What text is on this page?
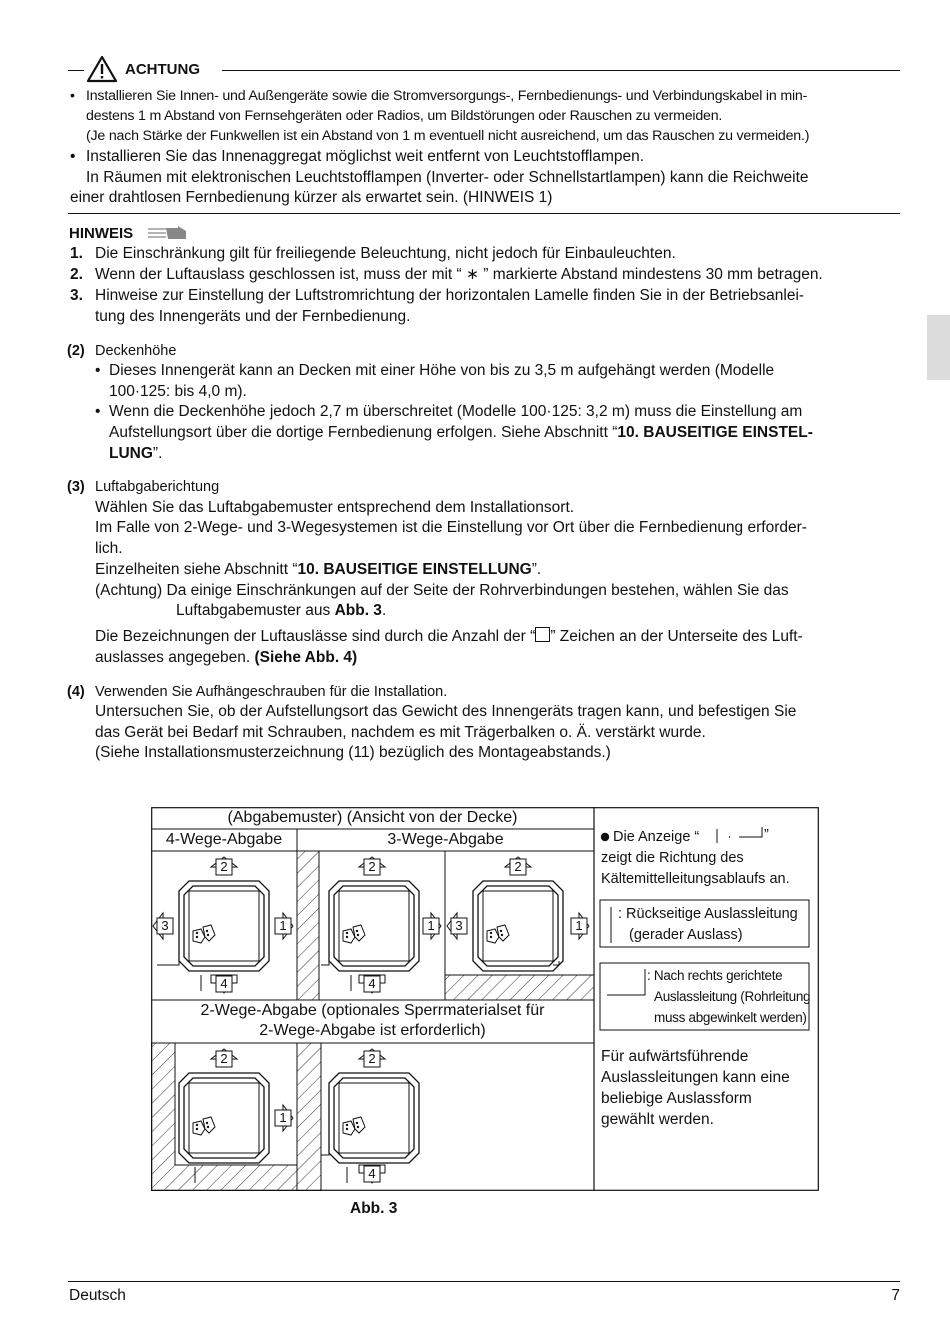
ACHTUNG
• Installieren Sie Innen- und Außengeräte sowie die Stromversorgungs-, Fernbedienungs- und Verbindungskabel in min-
destens 1 m Abstand von Fernsehgeräten oder Radios, um Bildstörungen oder Rauschen zu vermeiden.
(Je nach Stärke der Funkwellen ist ein Abstand von 1 m eventuell nicht ausreichend, um das Rauschen zu vermeiden.)
• Installieren Sie das Innenaggregat möglichst weit entfernt von Leuchtstofflampen.
In Räumen mit elektronischen Leuchtstofflampen (Inverter- oder Schnellstartlampen) kann die Reichweite
einer drahtlosen Fernbedienung kürzer als erwartet sein. (HINWEIS 1)
HINWEIS
1. Die Einschränkung gilt für freiliegende Beleuchtung, nicht jedoch für Einbauleuchten.
2. Wenn der Luftauslass geschlossen ist, muss der mit “ ∗ ” markierte Abstand mindestens 30 mm betragen.
3. Hinweise zur Einstellung der Luftstromrichtung der horizontalen Lamelle finden Sie in der Betriebsanlei-
tung des Innengeräts und der Fernbedienung.
(2) Deckenhöhe
• Dieses Innengerät kann an Decken mit einer Höhe von bis zu 3,5 m aufgehängt werden (Modelle
100·125: bis 4,0 m).
• Wenn die Deckenhöhe jedoch 2,7 m überschreitet (Modelle 100·125: 3,2 m) muss die Einstellung am
Aufstellungsort über die dortige Fernbedienung erfolgen. Siehe Abschnitt “10. BAUSEITIGE EINSTEL-
LUNG”.
(3) Luftabgaberichtung
Wählen Sie das Luftabgabemuster entsprechend dem Installationsort.
Im Falle von 2-Wege- und 3-Wegesystemen ist die Einstellung vor Ort über die Fernbedienung erforder-
lich.
Einzelheiten siehe Abschnitt “10. BAUSEITIGE EINSTELLUNG”.
(Achtung) Da einige Einschränkungen auf der Seite der Rohrverbindungen bestehen, wählen Sie das
Luftabgabemuster aus Abb. 3.
Die Bezeichnungen der Luftauslässe sind durch die Anzahl der “ ” Zeichen an der Unterseite des Luft-
auslasses angegeben. (Siehe Abb. 4)
(4) Verwenden Sie Aufhängeschrauben für die Installation.
Untersuchen Sie, ob der Aufstellungsort das Gewicht des Innengeräts tragen kann, und befestigen Sie
das Gerät bei Bedarf mit Schrauben, nachdem es mit Trägerbalken o. Ä. verstärkt wurde.
(Siehe Installationsmusterzeichnung (11) bezüglich des Montageabstands.)
(Abgabemuster) (Ansicht von der Decke)
4-Wege-Abgabe	3-Wege-Abgabe
2-Wege-Abgabe (optionales Sperrmaterialset für
2-Wege-Abgabe ist erforderlich)
2
4
3	1
2
4
1
2
3	1
2
1
2
4
Die Anzeige “	”
zeigt die Richtung des
Kältemittelleitungsablaufs an.
: Rückseitige Auslassleitung
(gerader Auslass)
: Nach rechts gerichtete
Auslassleitung (Rohrleitung
muss abgewinkelt werden)
Für aufwärtsführende
Auslassleitungen kann eine
beliebige Auslassform
gewählt werden.
Abb. 3
Deutsch	7
